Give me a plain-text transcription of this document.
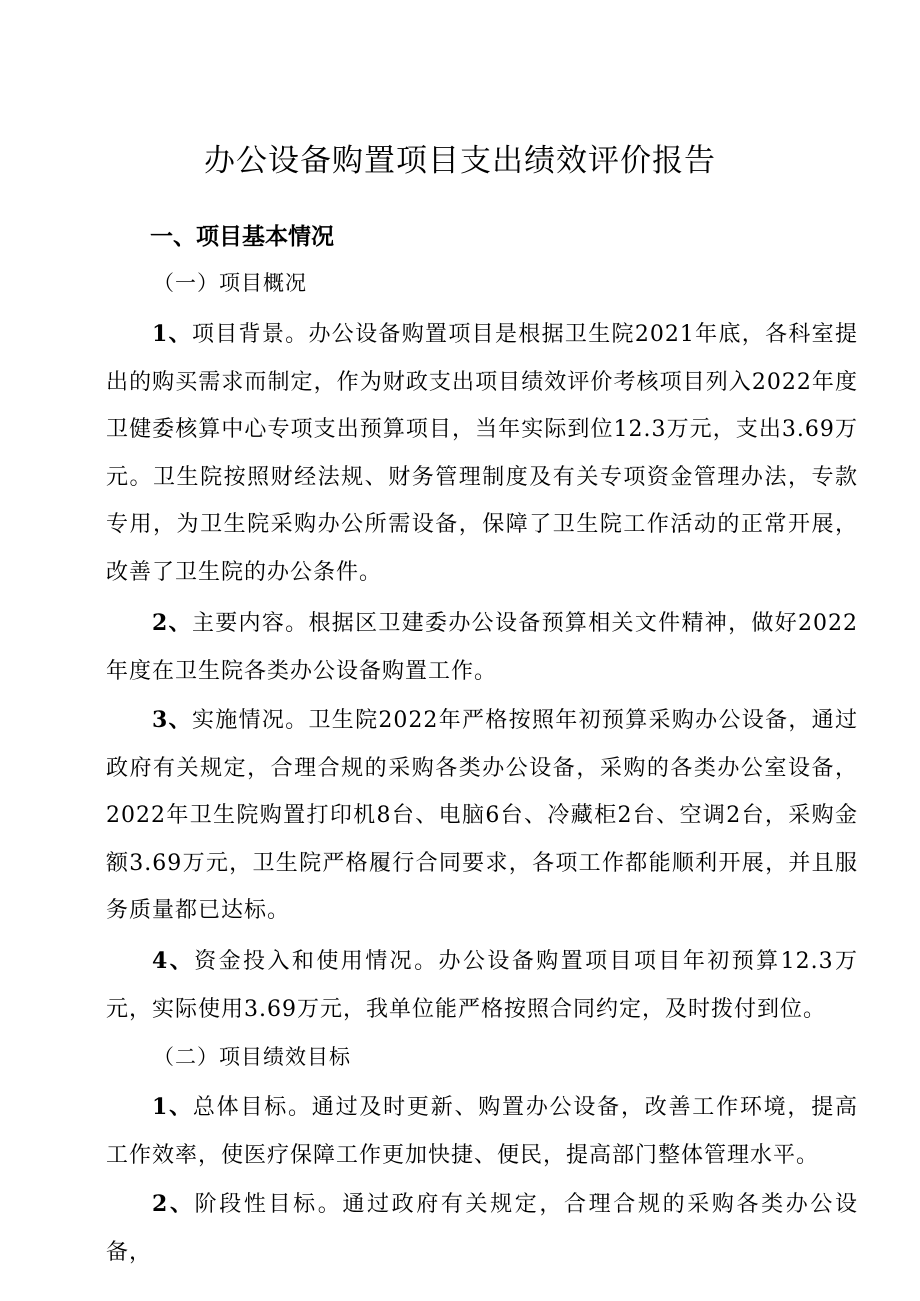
办公设备购置项目支出绩效评价报告
一、项目基本情况
（一）项目概况

1、项目背景。办公设备购置项目是根据卫生院2021年底，各科室提出的购买需求而制定，作为财政支出项目绩效评价考核项目列入2022年度卫健委核算中心专项支出预算项目，当年实际到位12.3万元，支出3.69万元。卫生院按照财经法规、财务管理制度及有关专项资金管理办法，专款专用，为卫生院采购办公所需设备，保障了卫生院工作活动的正常开展，改善了卫生院的办公条件。

2、主要内容。根据区卫建委办公设备预算相关文件精神，做好2022年度在卫生院各类办公设备购置工作。

3、实施情况。卫生院2022年严格按照年初预算采购办公设备，通过政府有关规定，合理合规的采购各类办公设备，采购的各类办公室设备，2022年卫生院购置打印机8台、电脑6台、冷藏柜2台、空调2台，采购金额3.69万元，卫生院严格履行合同要求，各项工作都能顺利开展，并且服务质量都已达标。

4、资金投入和使用情况。办公设备购置项目项目年初预算12.3万元，实际使用3.69万元，我单位能严格按照合同约定，及时拨付到位。

（二）项目绩效目标

1、总体目标。通过及时更新、购置办公设备，改善工作环境，提高工作效率，使医疗保障工作更加快捷、便民，提高部门整体管理水平。

2、阶段性目标。通过政府有关规定，合理合规的采购各类办公设备，
